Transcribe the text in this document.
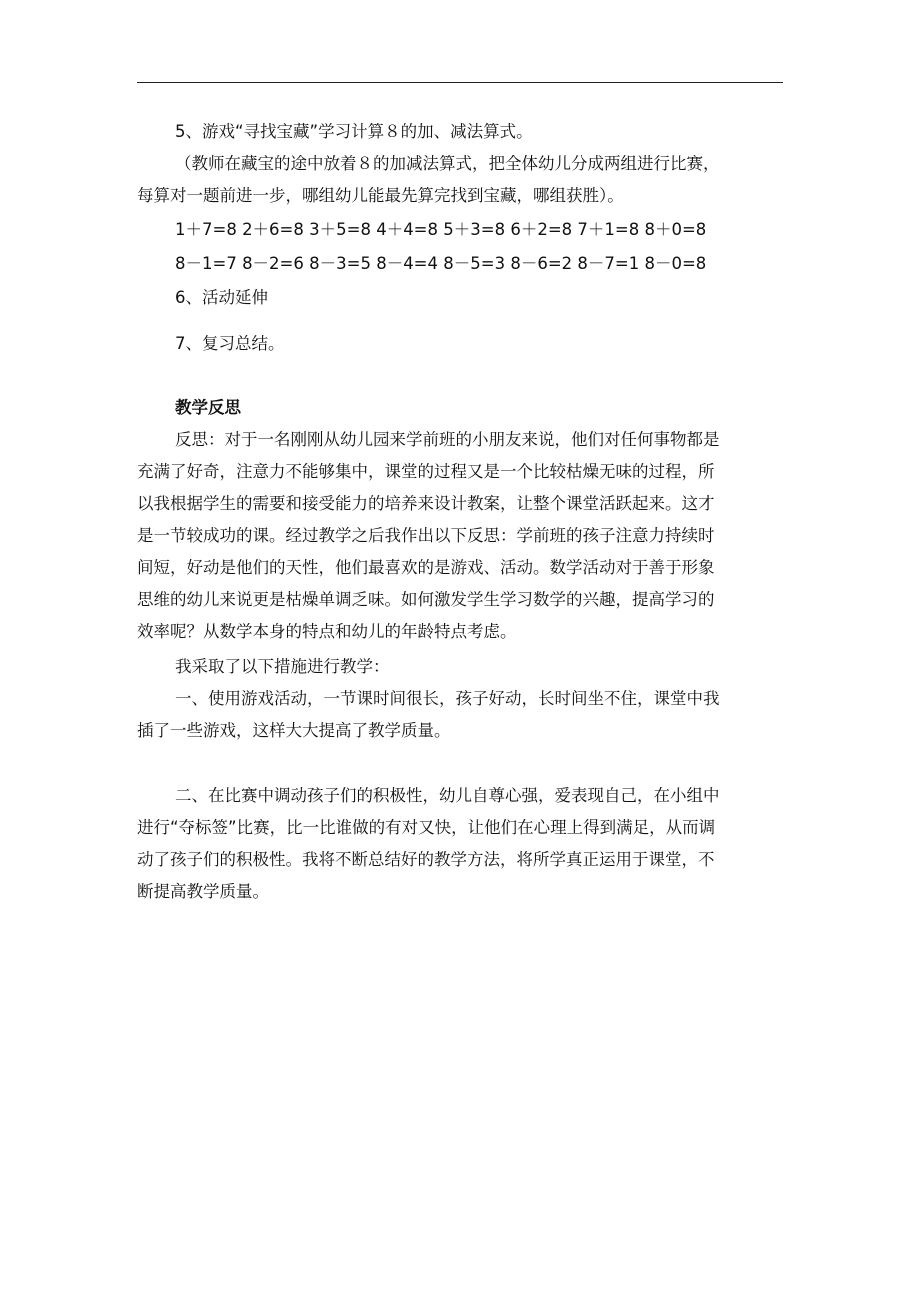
5、游戏“寻找宝藏”学习计算８的加、减法算式。
（教师在藏宝的途中放着８的加减法算式，把全体幼儿分成两组进行比赛，
每算对一题前进一步，哪组幼儿能最先算完找到宝藏，哪组获胜）。
1＋7=8 2＋6=8 3＋5=8 4＋4=8 5＋3=8 6＋2=8 7＋1=8 8＋0=8
8－1=7 8－2=6 8－3=5 8－4=4 8－5=3 8－6=2 8－7=1 8－0=8
6、活动延伸
7、复习总结。
教学反思
反思：对于一名刚刚从幼儿园来学前班的小朋友来说，他们对任何事物都是
充满了好奇，注意力不能够集中，课堂的过程又是一个比较枯燥无味的过程，所
以我根据学生的需要和接受能力的培养来设计教案，让整个课堂活跃起来。这才
是一节较成功的课。经过教学之后我作出以下反思：学前班的孩子注意力持续时
间短，好动是他们的天性，他们最喜欢的是游戏、活动。数学活动对于善于形象
思维的幼儿来说更是枯燥单调乏味。如何激发学生学习数学的兴趣，提高学习的
效率呢？从数学本身的特点和幼儿的年龄特点考虑。
我采取了以下措施进行教学：
一、使用游戏活动，一节课时间很长，孩子好动，长时间坐不住，课堂中我
插了一些游戏，这样大大提高了教学质量。
二、在比赛中调动孩子们的积极性，幼儿自尊心强，爱表现自己，在小组中
进行“夺标签”比赛，比一比谁做的有对又快，让他们在心理上得到满足，从而调
动了孩子们的积极性。我将不断总结好的教学方法，将所学真正运用于课堂，不
断提高教学质量。
